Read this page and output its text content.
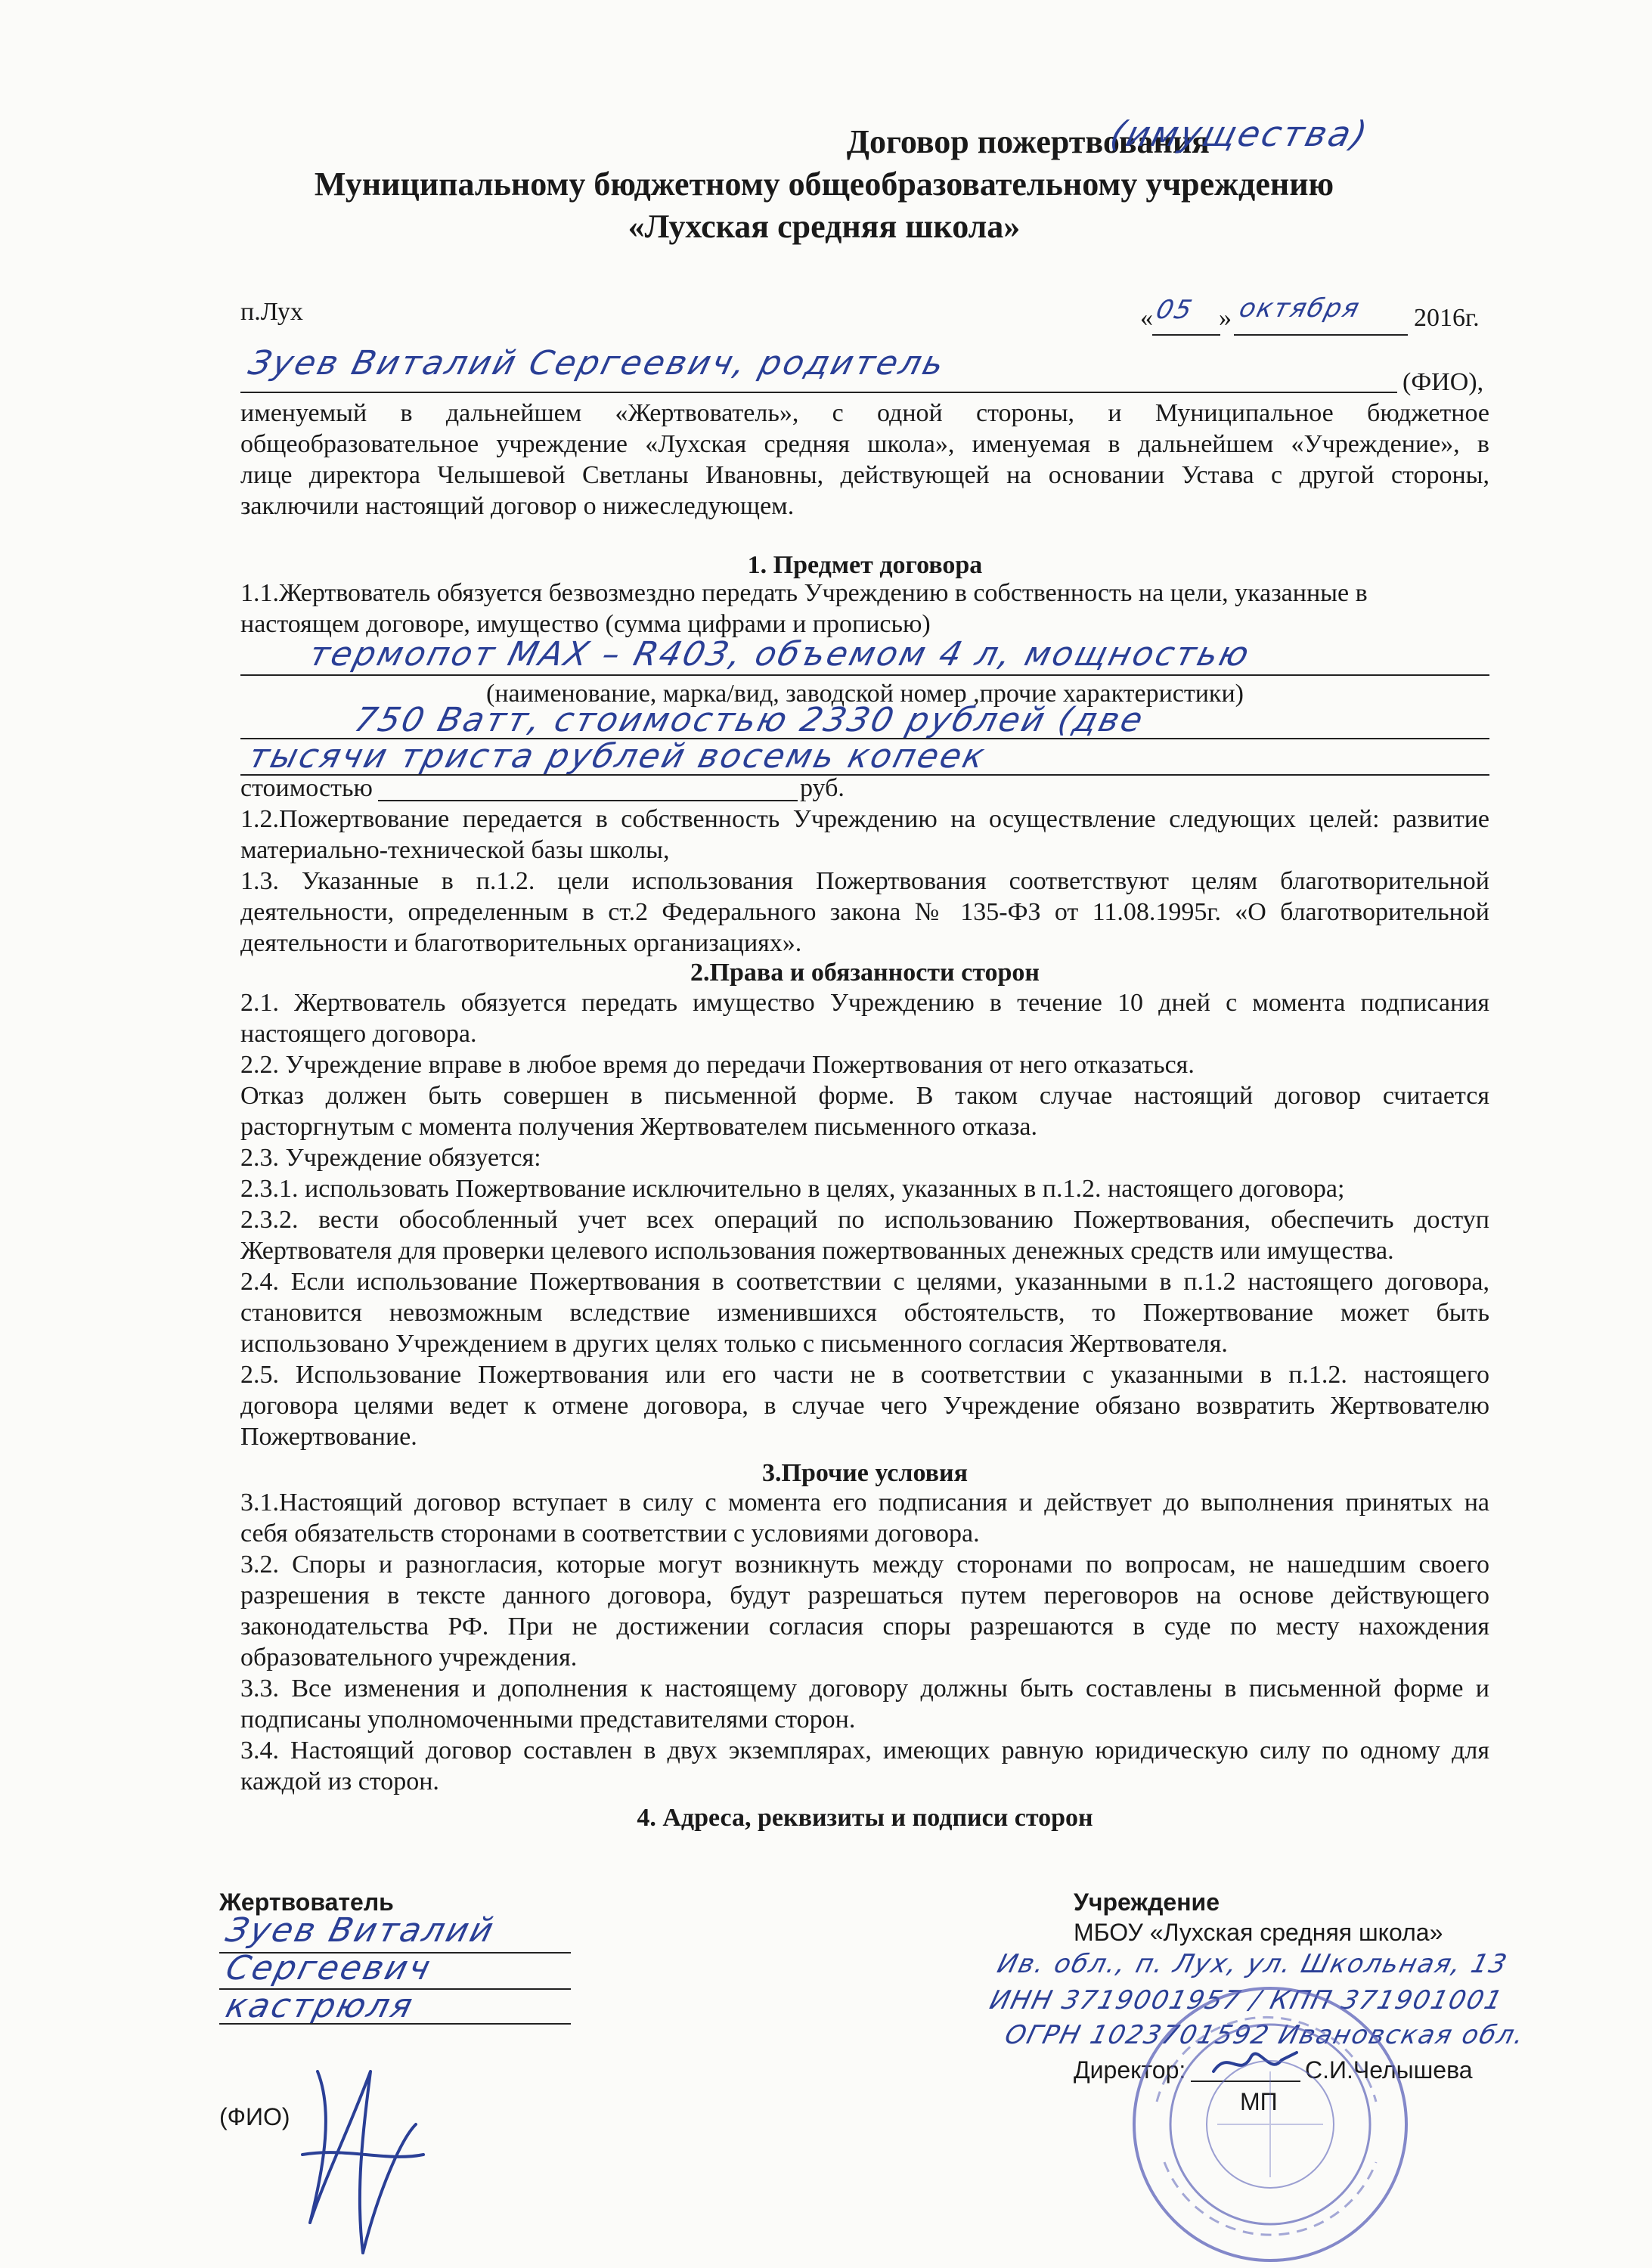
Договор пожертвования
(имущества)
Муниципальному бюджетному общеобразовательному учреждению
«Лухская средняя школа»
п.Лух	« 05 » октября 2016г.
Зуев Виталий Сергеевич, родитель	(ФИО),
именуемый в дальнейшем «Жертвователь», с одной стороны, и Муниципальное бюджетное
общеобразовательное учреждение «Лухская средняя школа», именуемая в дальнейшем «Учреждение», в
лице директора Челышевой Светланы Ивановны, действующей на основании Устава с другой стороны,
заключили настоящий договор о нижеследующем.
1. Предмет договора
1.1.Жертвователь обязуется безвозмездно передать Учреждению в собственность на цели, указанные в
настоящем договоре, имущество (сумма цифрами и прописью)
термопот MAX – R403, объемом 4 л, мощностью
(наименование, марка/вид, заводской номер ,прочие характеристики)
750 Ватт, стоимостью 2330 рублей (две
тысячи триста рублей восемь копеек
стоимостью	руб.
1.2.Пожертвование передается в собственность Учреждению на осуществление следующих целей: развитие
материально-технической базы школы,
1.3. Указанные в п.1.2. цели использования Пожертвования соответствуют целям благотворительной
деятельности, определенным в ст.2 Федерального закона № 135-ФЗ от 11.08.1995г. «О благотворительной
деятельности и благотворительных организациях».
2.Права и обязанности сторон
2.1. Жертвователь обязуется передать имущество Учреждению в течение 10 дней с момента подписания
настоящего договора.
2.2. Учреждение вправе в любое время до передачи Пожертвования от него отказаться.
Отказ должен быть совершен в письменной форме. В таком случае настоящий договор считается
расторгнутым с момента получения Жертвователем письменного отказа.
2.3. Учреждение обязуется:
2.3.1. использовать Пожертвование исключительно в целях, указанных в п.1.2. настоящего договора;
2.3.2. вести обособленный учет всех операций по использованию Пожертвования, обеспечить доступ
Жертвователя для проверки целевого использования пожертвованных денежных средств или имущества.
2.4. Если использование Пожертвования в соответствии с целями, указанными в п.1.2 настоящего договора,
становится невозможным вследствие изменившихся обстоятельств, то Пожертвование может быть
использовано Учреждением в других целях только с письменного согласия Жертвователя.
2.5. Использование Пожертвования или его части не в соответствии с указанными в п.1.2. настоящего
договора целями ведет к отмене договора, в случае чего Учреждение обязано возвратить Жертвователю
Пожертвование.
3.Прочие условия
3.1.Настоящий договор вступает в силу с момента его подписания и действует до выполнения принятых на
себя обязательств сторонами в соответствии с условиями договора.
3.2. Споры и разногласия, которые могут возникнуть между сторонами по вопросам, не нашедшим своего
разрешения в тексте данного договора, будут разрешаться путем переговоров на основе действующего
законодательства РФ. При не достижении согласия споры разрешаются в суде по месту нахождения
образовательного учреждения.
3.3. Все изменения и дополнения к настоящему договору должны быть составлены в письменной форме и
подписаны уполномоченными представителями сторон.
3.4. Настоящий договор составлен в двух экземплярах, имеющих равную юридическую силу по одному для
каждой из сторон.
4. Адреса, реквизиты и подписи сторон
Жертвователь
Зуев Виталий
Сергеевич
кастрюля
(ФИО)
Учреждение
МБОУ «Лухская средняя школа»
Ив. обл., п. Лух, ул. Школьная, 13
ИНН 3719001957 / КПП 371901001
ОГРН 1023701592 Ивановская обл.
Директор:	С.И.Челышева
МП
